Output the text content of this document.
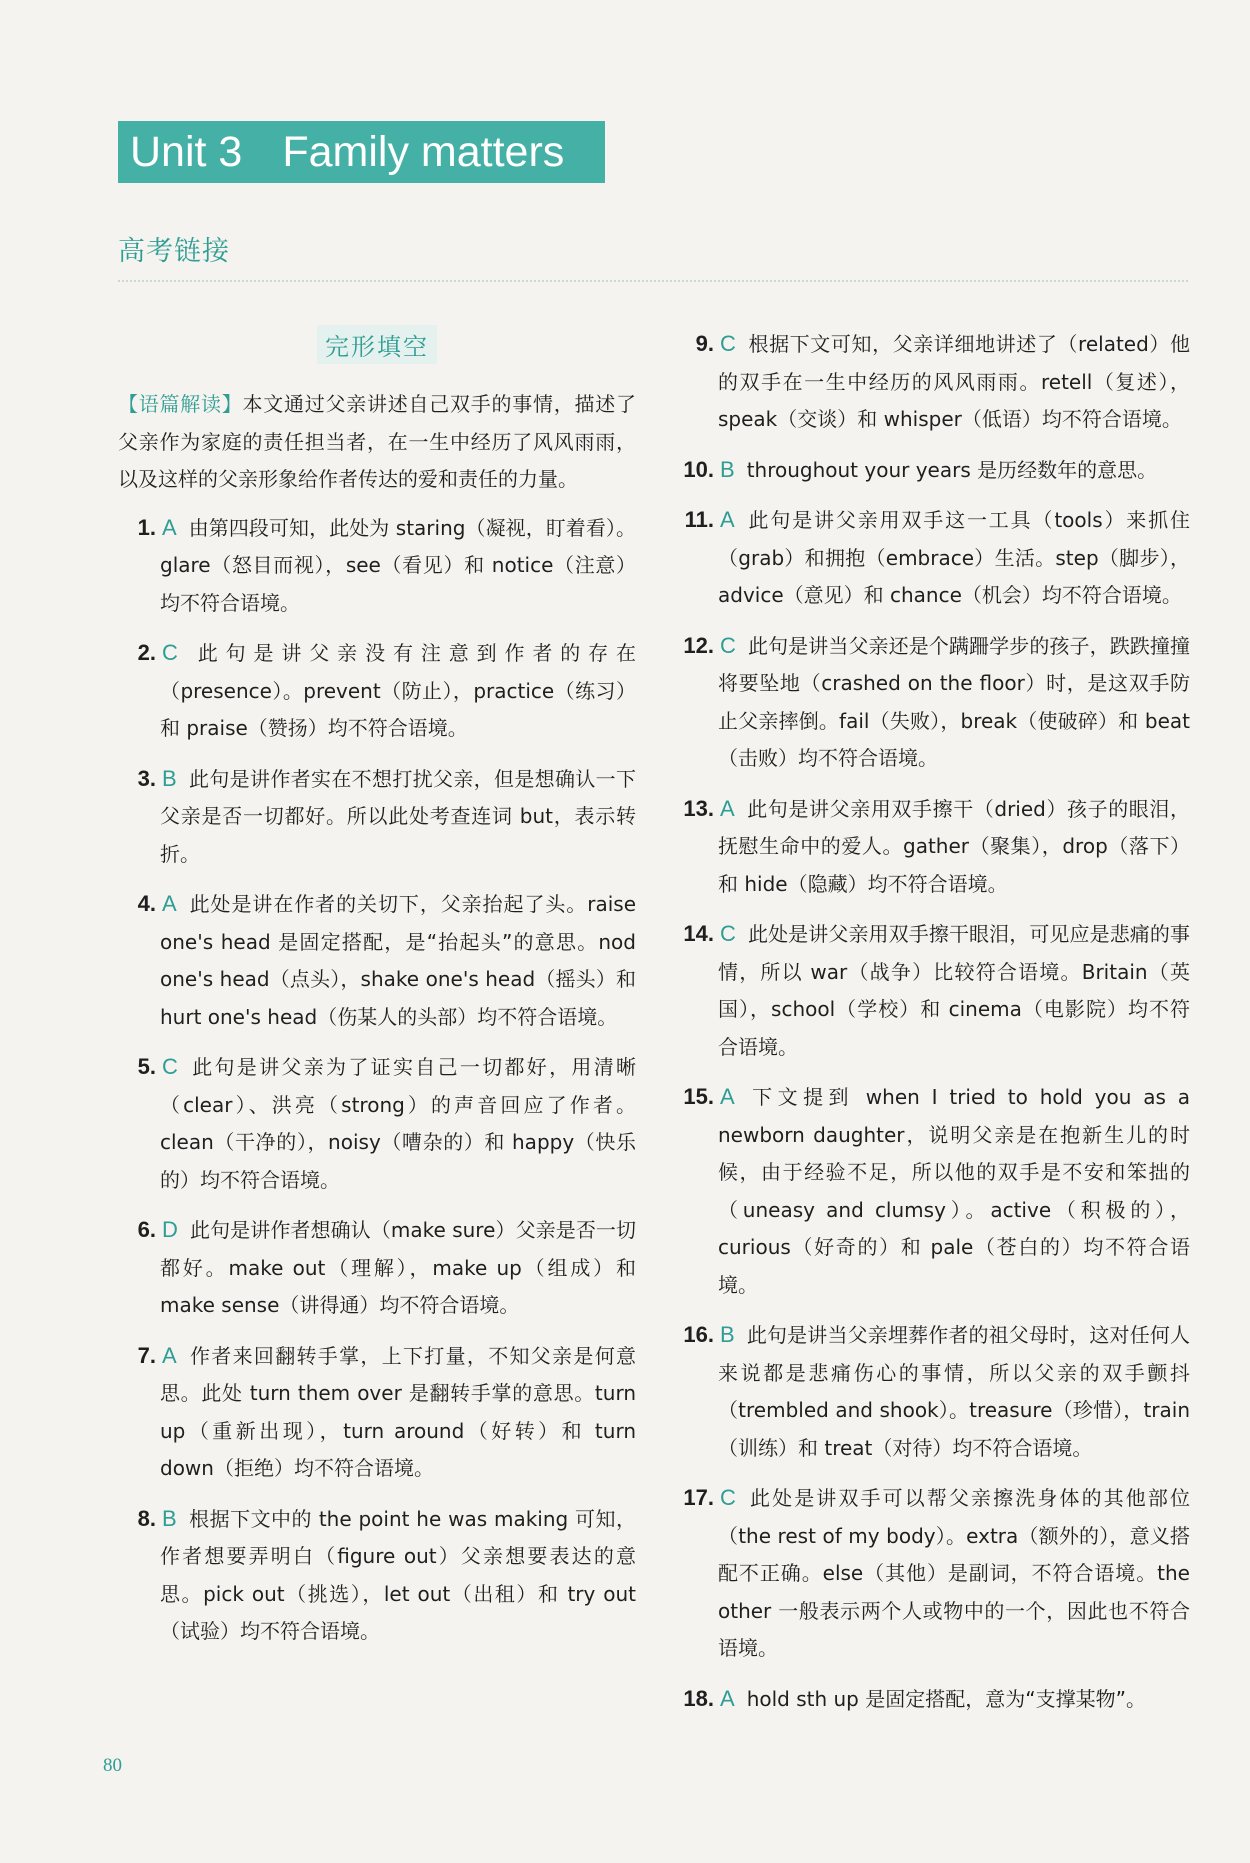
Unit 3 Family matters
高考链接
完形填空

【语篇解读】本文通过父亲讲述自己双手的事情，描述了父亲作为家庭的责任担当者，在一生中经历了风风雨雨，以及这样的父亲形象给作者传达的爱和责任的力量。

1. A 由第四段可知，此处为 staring（凝视，盯着看）。glare（怒目而视），see（看见）和 notice（注意）均不符合语境。
2. C 此句是讲父亲没有注意到作者的存在（presence）。prevent（防止），practice（练习）和 praise（赞扬）均不符合语境。
3. B 此句是讲作者实在不想打扰父亲，但是想确认一下父亲是否一切都好。所以此处考查连词 but，表示转折。
4. A 此处是讲在作者的关切下，父亲抬起了头。raise one's head 是固定搭配，是“抬起头”的意思。nod one's head（点头），shake one's head（摇头）和 hurt one's head（伤某人的头部）均不符合语境。
5. C 此句是讲父亲为了证实自己一切都好，用清晰（clear）、洪亮（strong）的声音回应了作者。clean（干净的），noisy（嘈杂的）和 happy（快乐的）均不符合语境。
6. D 此句是讲作者想确认（make sure）父亲是否一切都好。make out（理解），make up（组成）和 make sense（讲得通）均不符合语境。
7. A 作者来回翻转手掌，上下打量，不知父亲是何意思。此处 turn them over 是翻转手掌的意思。turn up（重新出现），turn around（好转）和 turn down（拒绝）均不符合语境。
8. B 根据下文中的 the point he was making 可知，作者想要弄明白（figure out）父亲想要表达的意思。pick out（挑选），let out（出租）和 try out（试验）均不符合语境。
9. C 根据下文可知，父亲详细地讲述了（related）他的双手在一生中经历的风风雨雨。retell（复述），speak（交谈）和 whisper（低语）均不符合语境。
10. B throughout your years 是历经数年的意思。
11. A 此句是讲父亲用双手这一工具（tools）来抓住（grab）和拥抱（embrace）生活。step（脚步），advice（意见）和 chance（机会）均不符合语境。
12. C 此句是讲当父亲还是个蹒跚学步的孩子，跌跌撞撞将要坠地（crashed on the floor）时，是这双手防止父亲摔倒。fail（失败），break（使破碎）和 beat（击败）均不符合语境。
13. A 此句是讲父亲用双手擦干（dried）孩子的眼泪，抚慰生命中的爱人。gather（聚集），drop（落下）和 hide（隐藏）均不符合语境。
14. C 此处是讲父亲用双手擦干眼泪，可见应是悲痛的事情，所以 war（战争）比较符合语境。Britain（英国），school（学校）和 cinema（电影院）均不符合语境。
15. A 下文提到 when I tried to hold you as a newborn daughter，说明父亲是在抱新生儿的时候，由于经验不足，所以他的双手是不安和笨拙的（uneasy and clumsy）。active（积极的），curious（好奇的）和 pale（苍白的）均不符合语境。
16. B 此句是讲当父亲埋葬作者的祖父母时，这对任何人来说都是悲痛伤心的事情，所以父亲的双手颤抖（trembled and shook）。treasure（珍惜），train（训练）和 treat（对待）均不符合语境。
17. C 此处是讲双手可以帮父亲擦洗身体的其他部位（the rest of my body）。extra（额外的），意义搭配不正确。else（其他）是副词，不符合语境。the other 一般表示两个人或物中的一个，因此也不符合语境。
18. A hold sth up 是固定搭配，意为“支撑某物”。
80
